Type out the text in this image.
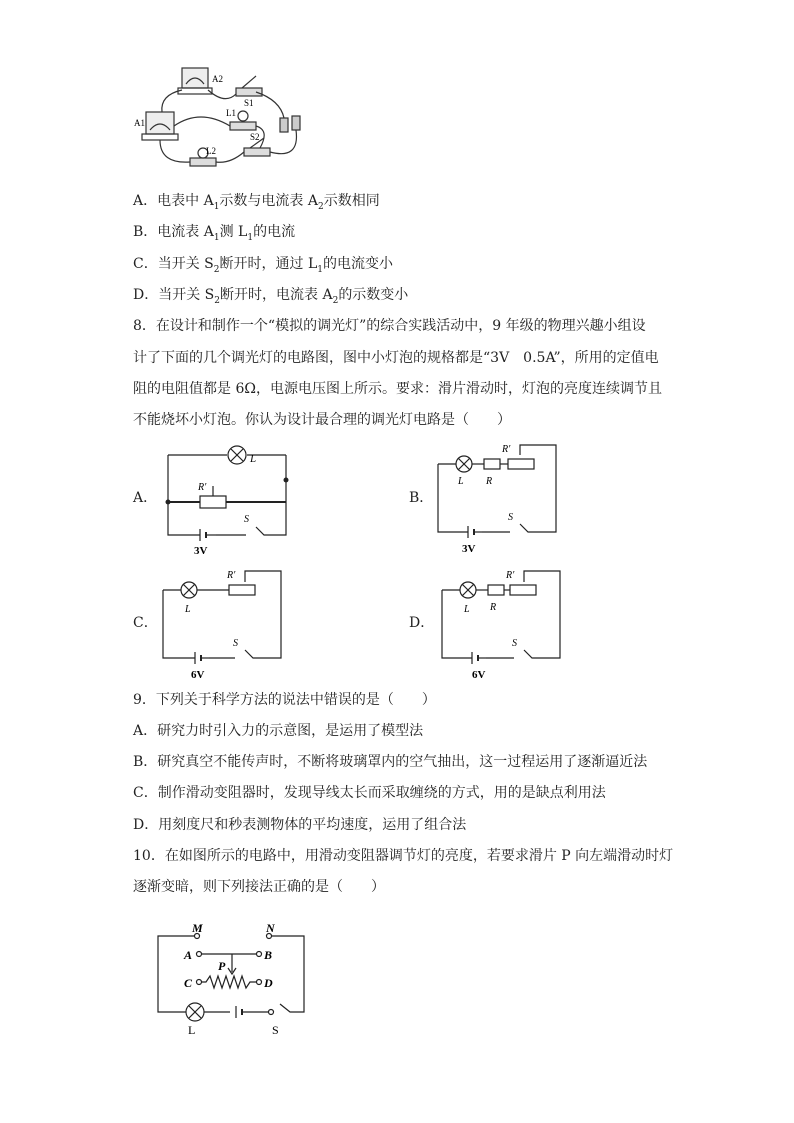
A2
A1
S1
L1
S2
L2
A．电表中 $A_1$示数与电流表 $A_2$示数相同
B．电流表 $A_1$测 $L_1$的电流
C．当开关 $S_2$断开时，通过 $L_1$的电流变小
D．当开关 $S_2$断开时，电流表 $A_2$的示数变小
8．在设计和制作一个“模拟的调光灯”的综合实践活动中，9 年级的物理兴趣小组设
计了下面的几个调光灯的电路图，图中小灯泡的规格都是“3V　0.5A”，所用的定值电
阻的电阻值都是 6Ω，电源电压图上所示。要求：滑片滑动时，灯泡的亮度连续调节且
不能烧坏小灯泡。你认为设计最合理的调光灯电路是（　　）
A．
L
R′
S
3V
B．
L R
R′
S
3V
C．
L
R′
S
6V
D．
L R
R′
S
6V
9．下列关于科学方法的说法中错误的是（　　）
A．研究力时引入力的示意图，是运用了模型法
B．研究真空不能传声时，不断将玻璃罩内的空气抽出，这一过程运用了逐渐逼近法
C．制作滑动变阻器时，发现导线太长而采取缠绕的方式，用的是缺点利用法
D．用刻度尺和秒表测物体的平均速度，运用了组合法
10．在如图所示的电路中，用滑动变阻器调节灯的亮度，若要求滑片 P 向左端滑动时灯
逐渐变暗，则下列接法正确的是（　　）
M	N
A	B
P
C	D
L	S
